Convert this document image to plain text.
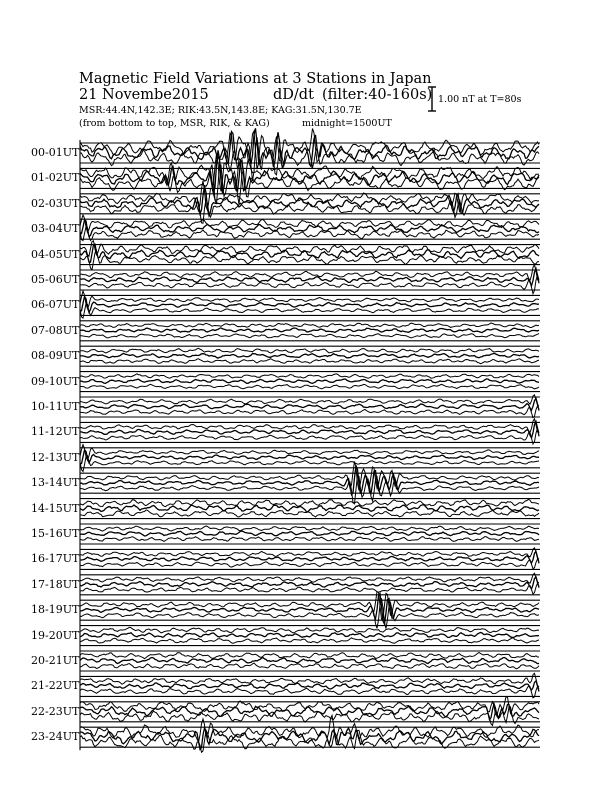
Magnetic Field Variations at 3 Stations in Japan
21 Novembe2015	dD/dt (filter:40-160s)
MSR:44.4N,142.3E; RIK:43.5N,143.8E; KAG:31.5N,130.7E
(from bottom to top, MSR, RIK, & KAG)	midnight=1500UT
1.00 nT at T=80s
00-01UT
01-02UT
02-03UT
03-04UT
04-05UT
05-06UT
06-07UT
07-08UT
08-09UT
09-10UT
10-11UT
11-12UT
12-13UT
13-14UT
14-15UT
15-16UT
16-17UT
17-18UT
18-19UT
19-20UT
20-21UT
21-22UT
22-23UT
23-24UT
